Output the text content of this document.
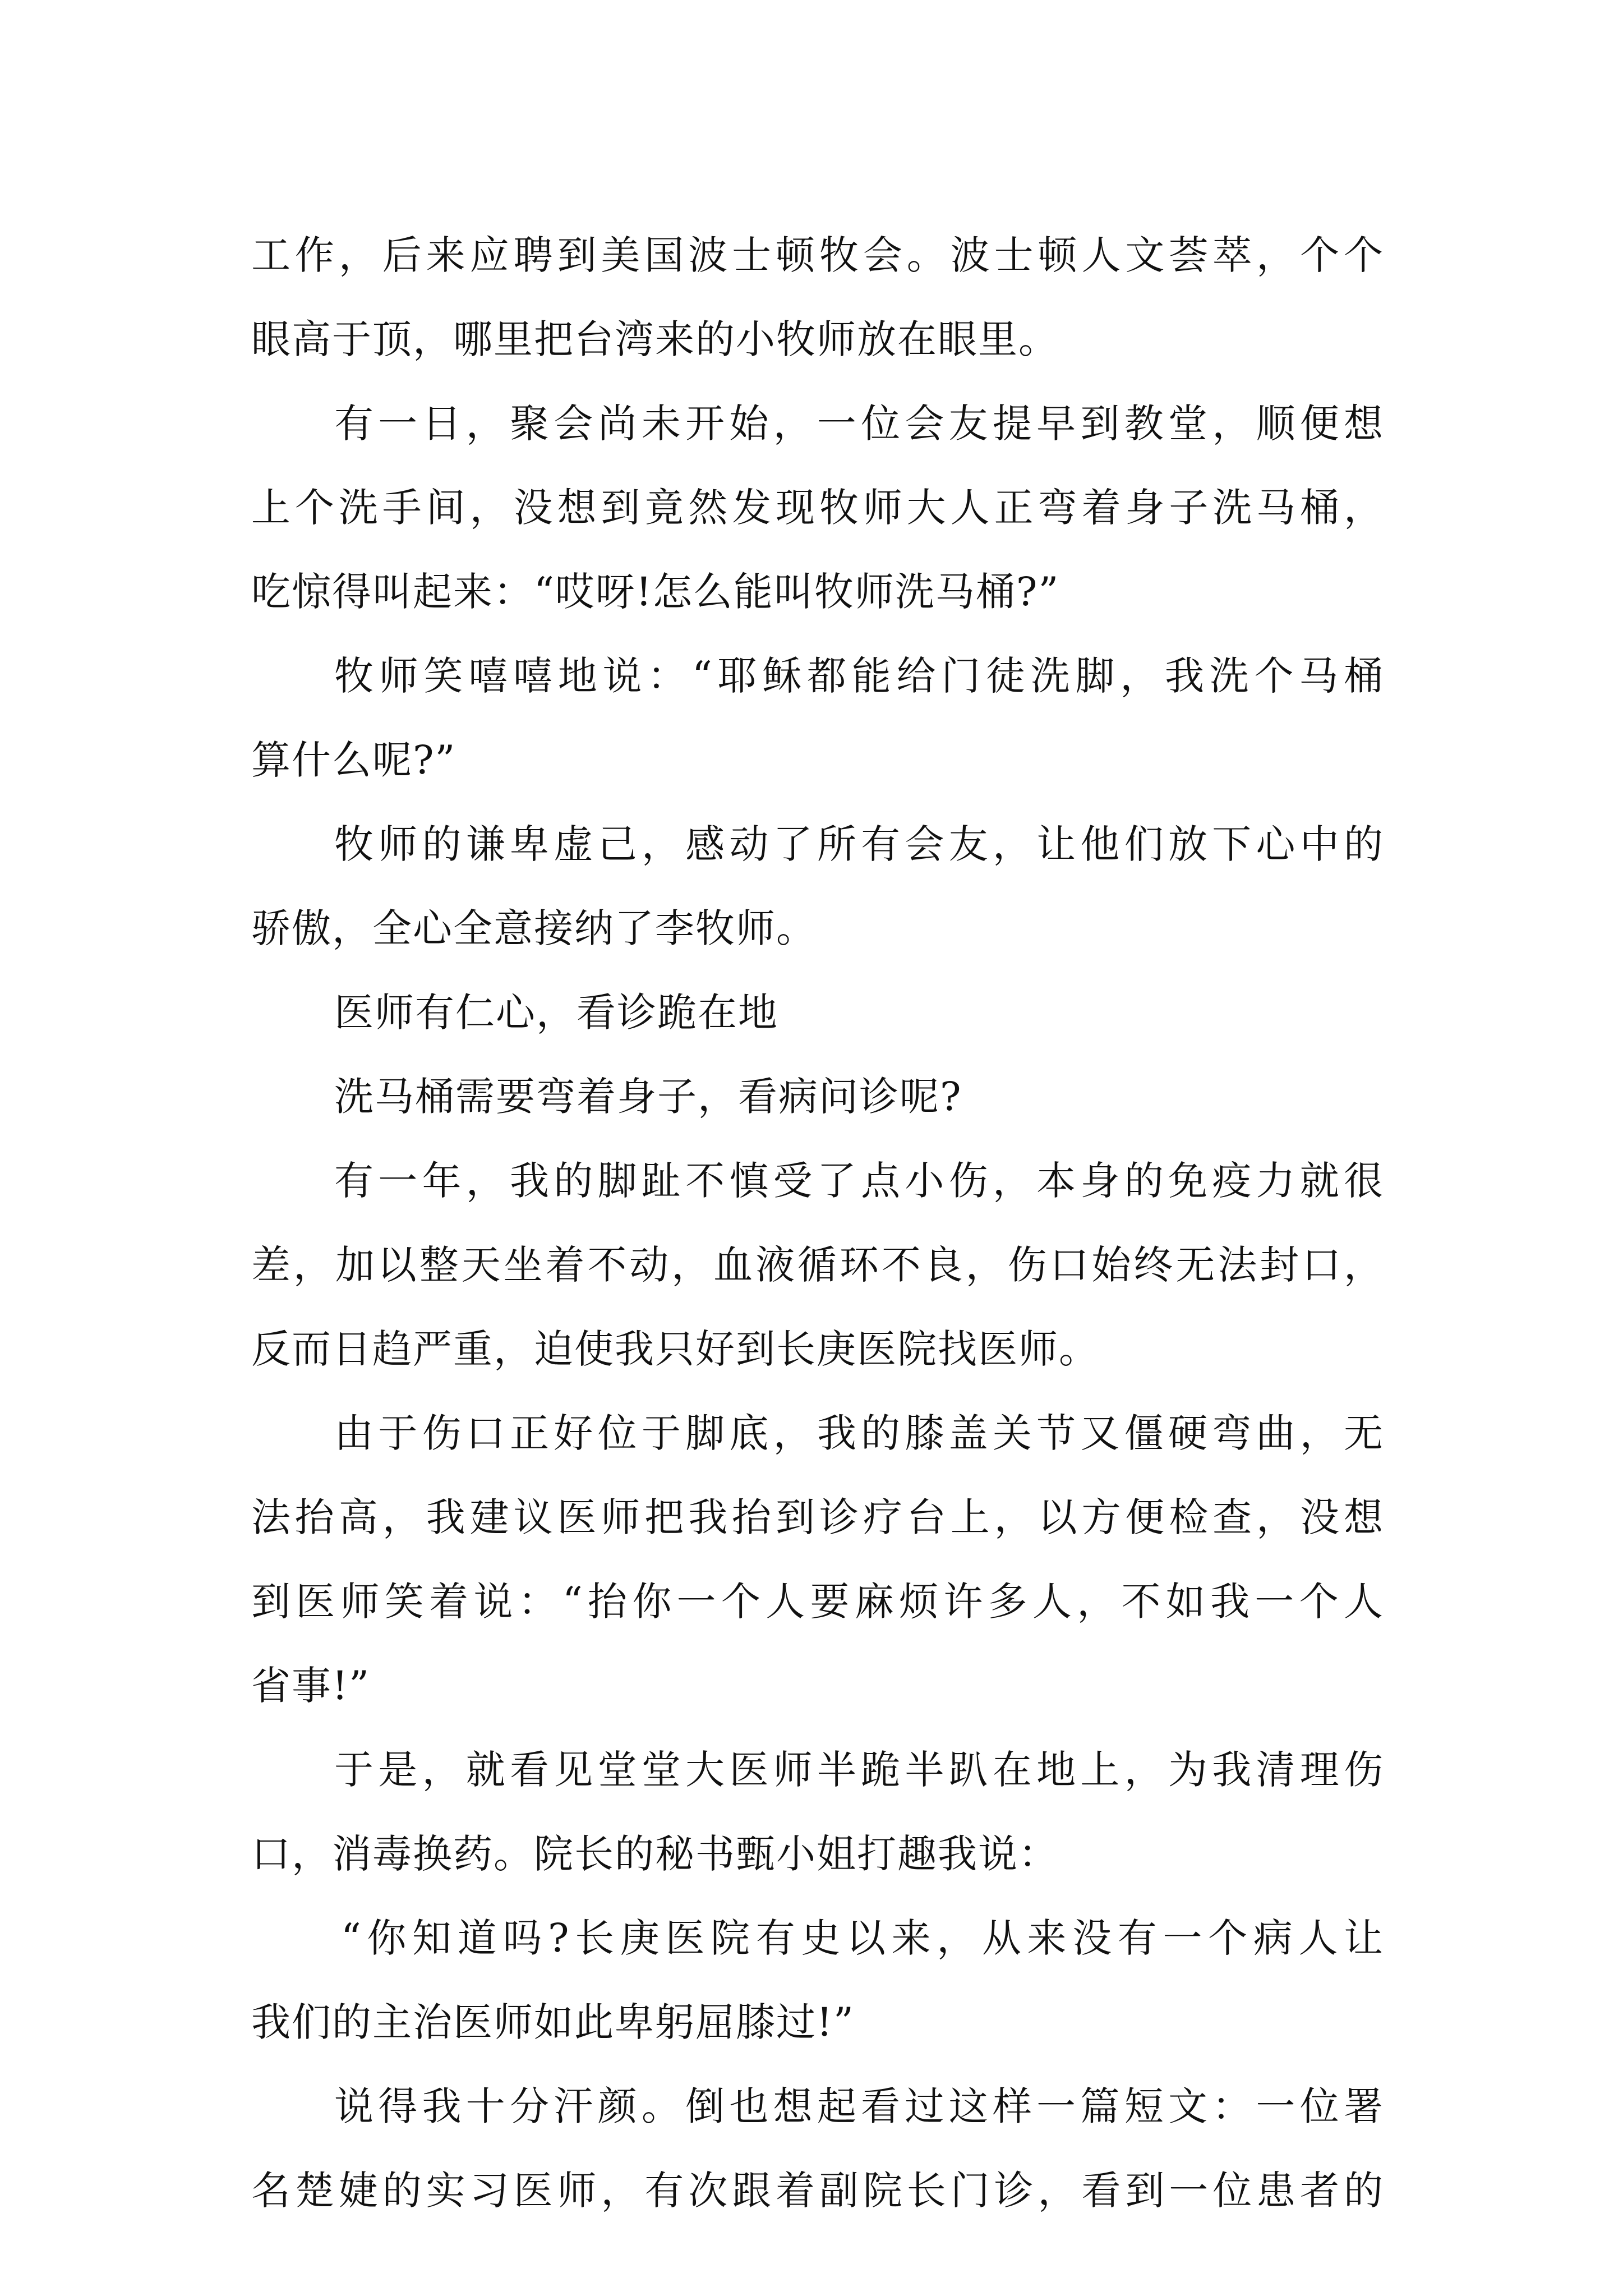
工作，后来应聘到美国波士顿牧会。波士顿人文荟萃，个个
眼高于顶，哪里把台湾来的小牧师放在眼里。
有一日，聚会尚未开始，一位会友提早到教堂，顺便想
上个洗手间，没想到竟然发现牧师大人正弯着身子洗马桶，
吃惊得叫起来：“哎呀!怎么能叫牧师洗马桶?”
牧师笑嘻嘻地说：“耶稣都能给门徒洗脚，我洗个马桶
算什么呢?”
牧师的谦卑虚己，感动了所有会友，让他们放下心中的
骄傲，全心全意接纳了李牧师。
医师有仁心，看诊跪在地
洗马桶需要弯着身子，看病问诊呢?
有一年，我的脚趾不慎受了点小伤，本身的免疫力就很
差，加以整天坐着不动，血液循环不良，伤口始终无法封口，
反而日趋严重，迫使我只好到长庚医院找医师。
由于伤口正好位于脚底，我的膝盖关节又僵硬弯曲，无
法抬高，我建议医师把我抬到诊疗台上，以方便检查，没想
到医师笑着说：“抬你一个人要麻烦许多人，不如我一个人
省事!”
于是，就看见堂堂大医师半跪半趴在地上，为我清理伤
口，消毒换药。院长的秘书甄小姐打趣我说：
“你知道吗?长庚医院有史以来，从来没有一个病人让
我们的主治医师如此卑躬屈膝过!”
说得我十分汗颜。倒也想起看过这样一篇短文：一位署
名楚婕的实习医师，有次跟着副院长门诊，看到一位患者的
